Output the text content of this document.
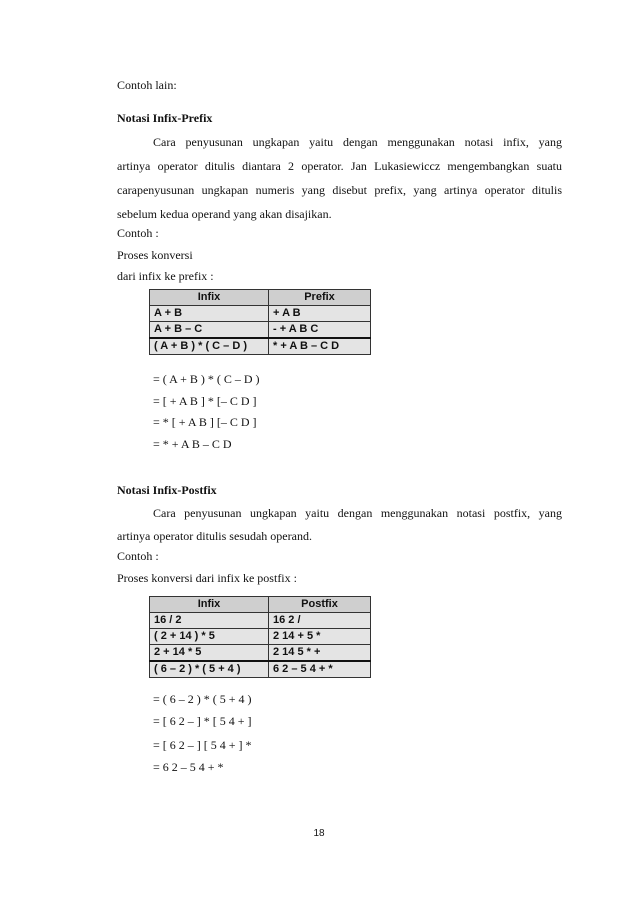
Contoh lain:
Notasi Infix-Prefix
Cara penyusunan ungkapan yaitu dengan menggunakan notasi infix, yang
artinya operator ditulis diantara 2 operator. Jan Lukasiewiccz mengembangkan suatu
carapenyusunan ungkapan numeris yang disebut prefix, yang artinya operator ditulis
sebelum kedua operand yang akan disajikan.
Contoh :
Proses konversi
dari infix ke prefix :
Infix	Prefix
A + B	+ A B
A + B – C	- + A B C
( A + B ) * ( C – D )	* + A B – C D
= ( A + B ) * ( C – D )
= [ + A B ] * [– C D ]
= * [ + A B ] [– C D ]
= * + A B – C D
Notasi Infix-Postfix
Cara penyusunan ungkapan yaitu dengan menggunakan notasi postfix, yang
artinya operator ditulis sesudah operand.
Contoh :
Proses konversi dari infix ke postfix :
Infix	Postfix
16 / 2	16 2 /
( 2 + 14 ) * 5	2 14 + 5 *
2 + 14 * 5	2 14 5 * +
( 6 – 2 ) * ( 5 + 4 )	6 2 – 5 4 + *
= ( 6 – 2 ) * ( 5 + 4 )
= [ 6 2 – ] * [ 5 4 + ]
= [ 6 2 – ] [ 5 4 + ] *
= 6 2 – 5 4 + *
18
